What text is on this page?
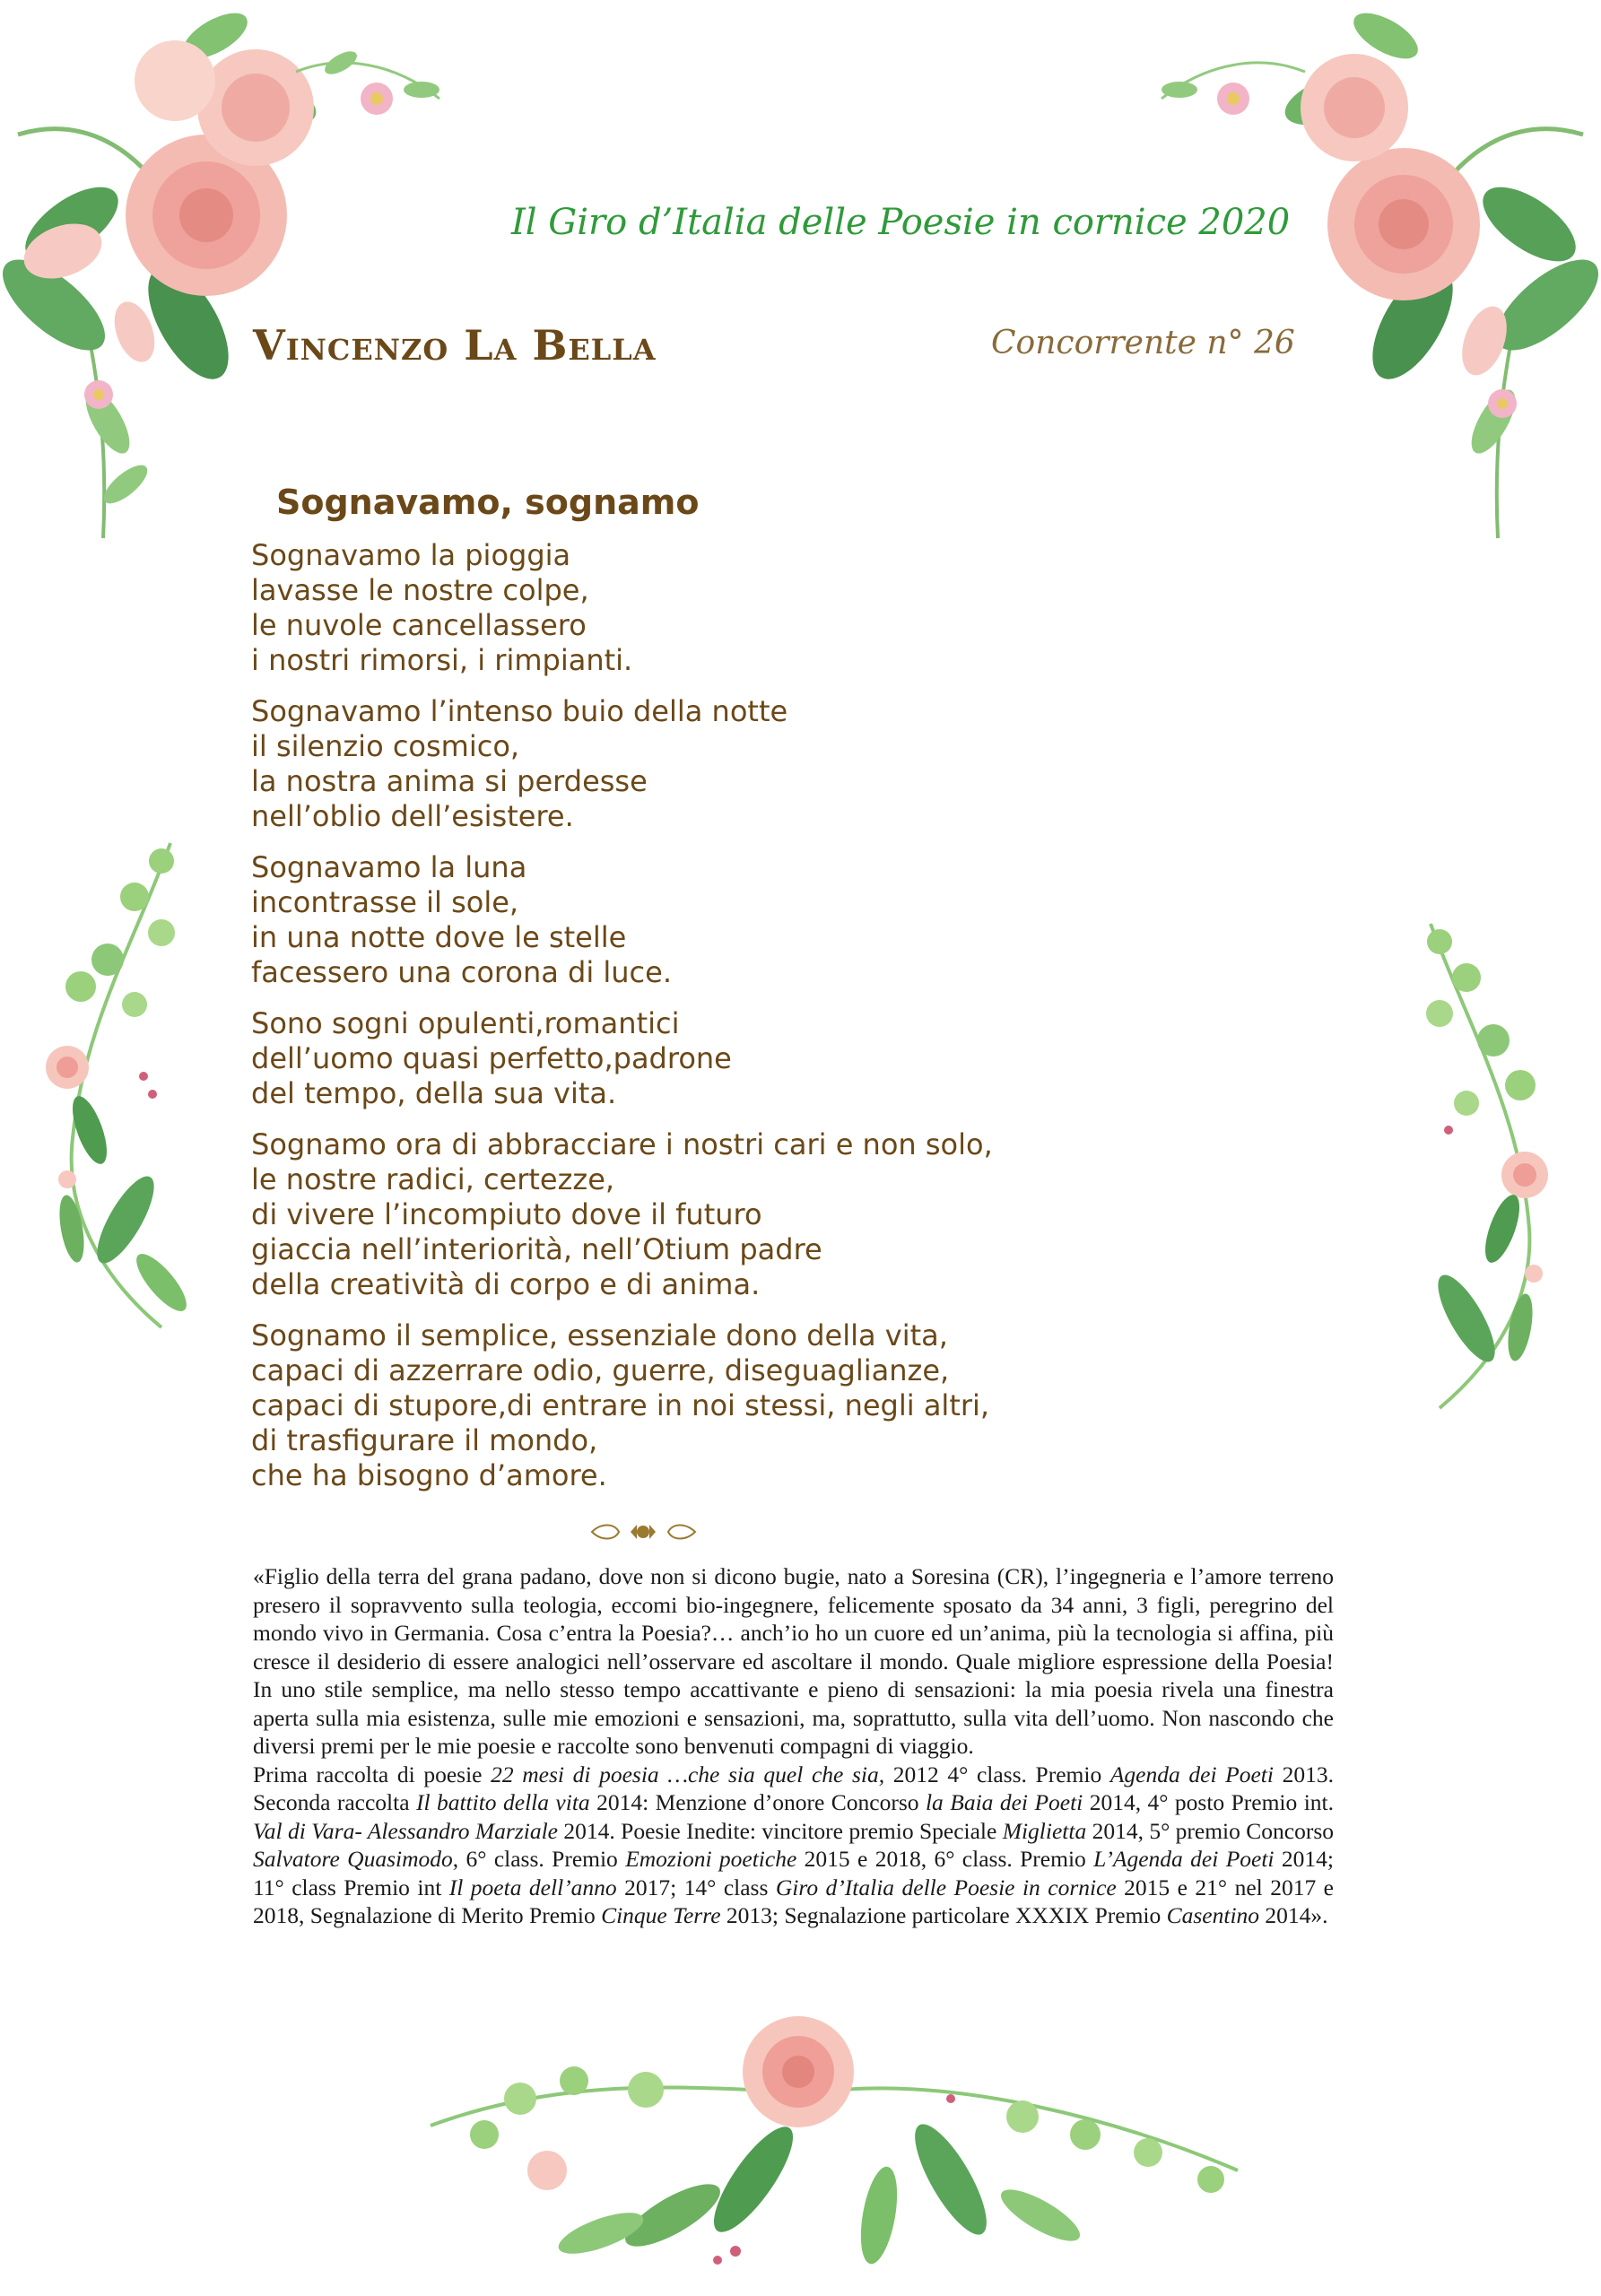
Il Giro d’Italia delle Poesie in cornice 2020
Vincenzo La Bella	Concorrente n° 26
Sognavamo, sognamo
Sognavamo la pioggia
lavasse le nostre colpe,
le nuvole cancellassero
i nostri rimorsi, i rimpianti.
Sognavamo l’intenso buio della notte
il silenzio cosmico,
la nostra anima si perdesse
nell’oblio dell’esistere.
Sognavamo la luna
incontrasse il sole,
in una notte dove le stelle
facessero una corona di luce.
Sono sogni opulenti,romantici
dell’uomo quasi perfetto,padrone
del tempo, della sua vita.
Sognamo ora di abbracciare i nostri cari e non solo,
le nostre radici, certezze,
di vivere l’incompiuto dove il futuro
giaccia nell’interiorità, nell’Otium padre
della creatività di corpo e di anima.
Sognamo il semplice, essenziale dono della vita,
capaci di azzerrare odio, guerre, diseguaglianze,
capaci di stupore,di entrare in noi stessi, negli altri,
di trasfigurare il mondo,
che ha bisogno d’amore.

«Figlio della terra del grana padano, dove non si dicono bugie, nato a Soresina (CR), l’ingegneria e l’amore terreno presero il sopravvento sulla teologia, eccomi bio-ingegnere, felicemente sposato da 34 anni, 3 figli, peregrino del mondo vivo in Germania. Cosa c’entra la Poesia?… anch’io ho un cuore ed un’anima, più la tecnologia si affina, più cresce il desiderio di essere analogici nell’osservare ed ascoltare il mondo. Quale migliore espressione della Poesia! In uno stile semplice, ma nello stesso tempo accattivante e pieno di sensazioni: la mia poesia rivela una finestra aperta sulla mia esistenza, sulle mie emozioni e sensazioni, ma, soprattutto, sulla vita dell’uomo. Non nascondo che diversi premi per le mie poesie e raccolte sono benvenuti compagni di viaggio.

Prima raccolta di poesie 22 mesi di poesia …che sia quel che sia, 2012 4° class. Premio Agenda dei Poeti 2013. Seconda raccolta Il battito della vita 2014: Menzione d’onore Concorso la Baia dei Poeti 2014, 4° posto Premio int. Val di Vara- Alessandro Marziale 2014. Poesie Inedite: vincitore premio Speciale Miglietta 2014, 5° premio Concorso Salvatore Quasimodo, 6° class. Premio Emozioni poetiche 2015 e 2018, 6° class. Premio L’Agenda dei Poeti 2014; 11° class Premio int Il poeta dell’anno 2017; 14° class Giro d’Italia delle Poesie in cornice 2015 e 21° nel 2017 e 2018, Segnalazione di Merito Premio Cinque Terre 2013; Segnalazione particolare XXXIX Premio Casentino 2014».
